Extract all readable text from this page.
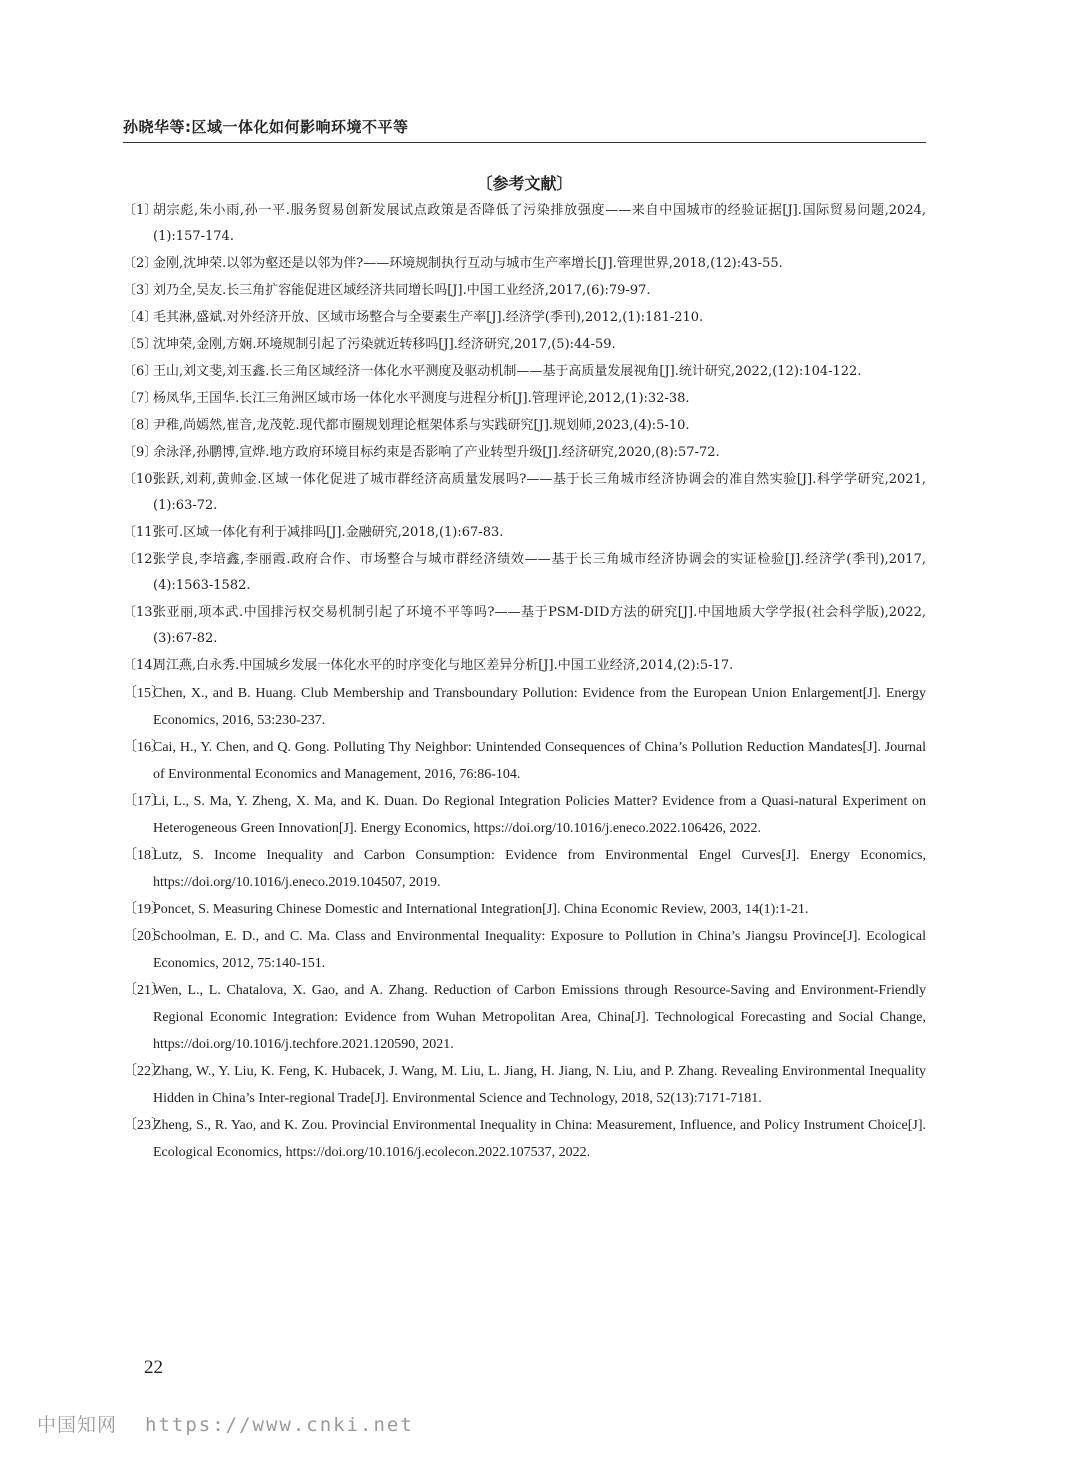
孙晓华等:区域一体化如何影响环境不平等
〔参考文献〕

〔1〕
胡宗彪,朱小雨,孙一平.服务贸易创新发展试点政策是否降低了污染排放强度——来自中国城市的经验证据[J].国际贸易问题,2024,(1):157-174.

〔2〕
金刚,沈坤荣.以邻为壑还是以邻为伴?——环境规制执行互动与城市生产率增长[J].管理世界,2018,(12):43-55.

〔3〕
刘乃全,吴友.长三角扩容能促进区域经济共同增长吗[J].中国工业经济,2017,(6):79-97.

〔4〕
毛其淋,盛斌.对外经济开放、区域市场整合与全要素生产率[J].经济学(季刊),2012,(1):181-210.

〔5〕
沈坤荣,金刚,方娴.环境规制引起了污染就近转移吗[J].经济研究,2017,(5):44-59.

〔6〕
王山,刘文斐,刘玉鑫.长三角区域经济一体化水平测度及驱动机制——基于高质量发展视角[J].统计研究,2022,(12):104-122.

〔7〕
杨凤华,王国华.长江三角洲区域市场一体化水平测度与进程分析[J].管理评论,2012,(1):32-38.

〔8〕
尹稚,尚嫣然,崔音,龙茂乾.现代都市圈规划理论框架体系与实践研究[J].规划师,2023,(4):5-10.

〔9〕
余泳泽,孙鹏博,宣烨.地方政府环境目标约束是否影响了产业转型升级[J].经济研究,2020,(8):57-72.

〔10〕
张跃,刘莉,黄帅金.区域一体化促进了城市群经济高质量发展吗?——基于长三角城市经济协调会的准自然实验[J].科学学研究,2021,(1):63-72.

〔11〕
张可.区域一体化有利于减排吗[J].金融研究,2018,(1):67-83.

〔12〕
张学良,李培鑫,李丽霞.政府合作、市场整合与城市群经济绩效——基于长三角城市经济协调会的实证检验[J].经济学(季刊),2017,(4):1563-1582.

〔13〕
张亚丽,项本武.中国排污权交易机制引起了环境不平等吗?——基于PSM-DID方法的研究[J].中国地质大学学报(社会科学版),2022,(3):67-82.

〔14〕
周江燕,白永秀.中国城乡发展一体化水平的时序变化与地区差异分析[J].中国工业经济,2014,(2):5-17.

〔15〕
Chen, X., and B. Huang. Club Membership and Transboundary Pollution: Evidence from the European Union Enlargement[J]. Energy Economics, 2016, 53:230-237.

〔16〕
Cai, H., Y. Chen, and Q. Gong. Polluting Thy Neighbor: Unintended Consequences of China’s Pollution Reduction Mandates[J]. Journal of Environmental Economics and Management, 2016, 76:86-104.

〔17〕
Li, L., S. Ma, Y. Zheng, X. Ma, and K. Duan. Do Regional Integration Policies Matter? Evidence from a Quasi-natural Experiment on Heterogeneous Green Innovation[J]. Energy Economics, https://doi.org/10.1016/j.eneco.2022.106426, 2022.

〔18〕
Lutz, S. Income Inequality and Carbon Consumption: Evidence from Environmental Engel Curves[J]. Energy Economics, https://doi.org/10.1016/j.eneco.2019.104507, 2019.

〔19〕
Poncet, S. Measuring Chinese Domestic and International Integration[J]. China Economic Review, 2003, 14(1):1-21.

〔20〕
Schoolman, E. D., and C. Ma. Class and Environmental Inequality: Exposure to Pollution in China’s Jiangsu Province[J]. Ecological Economics, 2012, 75:140-151.

〔21〕
Wen, L., L. Chatalova, X. Gao, and A. Zhang. Reduction of Carbon Emissions through Resource-Saving and Environment-Friendly Regional Economic Integration: Evidence from Wuhan Metropolitan Area, China[J]. Technological Forecasting and Social Change, https://doi.org/10.1016/j.techfore.2021.120590, 2021.

〔22〕
Zhang, W., Y. Liu, K. Feng, K. Hubacek, J. Wang, M. Liu, L. Jiang, H. Jiang, N. Liu, and P. Zhang. Revealing Environmental Inequality Hidden in China’s Inter-regional Trade[J]. Environmental Science and Technology, 2018, 52(13):7171-7181.

〔23〕
Zheng, S., R. Yao, and K. Zou. Provincial Environmental Inequality in China: Measurement, Influence, and Policy Instrument Choice[J]. Ecological Economics, https://doi.org/10.1016/j.ecolecon.2022.107537, 2022.

22
中国知网 https://www.cnki.net
